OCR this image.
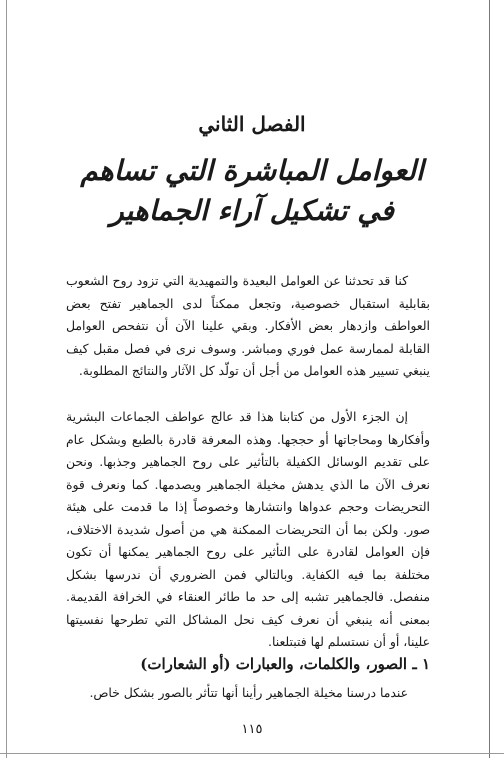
الفصل الثاني
العوامل المباشرة التي تساهم
في تشكيل آراء الجماهير

كنا قد تحدثنا عن العوامل البعيدة والتمهيدية التي تزود روح الشعوب بقابلية استقبال خصوصية، وتجعل ممكناً لدى الجماهير تفتح بعض العواطف وازدهار بعض الأفكار. وبقي علينا الآن أن نتفحص العوامل القابلة لممارسة عمل فوري ومباشر. وسوف نرى في فصل مقبل كيف ينبغي تسيير هذه العوامل من أجل أن تولّد كل الآثار والنتائج المطلوبة.

إن الجزء الأول من كتابنا هذا قد عالج عواطف الجماعات البشرية وأفكارها ومحاجاتها أو حججها. وهذه المعرفة قادرة بالطبع وبشكل عام على تقديم الوسائل الكفيلة بالتأثير على روح الجماهير وجذبها. ونحن نعرف الآن ما الذي يدهش مخيلة الجماهير ويصدمها. كما ونعرف قوة التحريضات وحجم عدواها وانتشارها وخصوصاً إذا ما قدمت على هيئة صور. ولكن بما أن التحريضات الممكنة هي من أصول شديدة الاختلاف، فإن العوامل لقادرة على التأثير على روح الجماهير يمكنها أن تكون مختلفة بما فيه الكفاية. وبالتالي فمن الضروري أن ندرسها بشكل منفصل. فالجماهير تشبه إلى حد ما طائر العنقاء في الخرافة القديمة. بمعنى أنه ينبغي أن نعرف كيف نحل المشاكل التي تطرحها نفسيتها علينا، أو أن نستسلم لها فتبتلعنا.

١ ـ الصور، والكلمات، والعبارات (أو الشعارات)
عندما درسنا مخيلة الجماهير رأينا أنها تتأثر بالصور بشكل خاص.
١١٥
